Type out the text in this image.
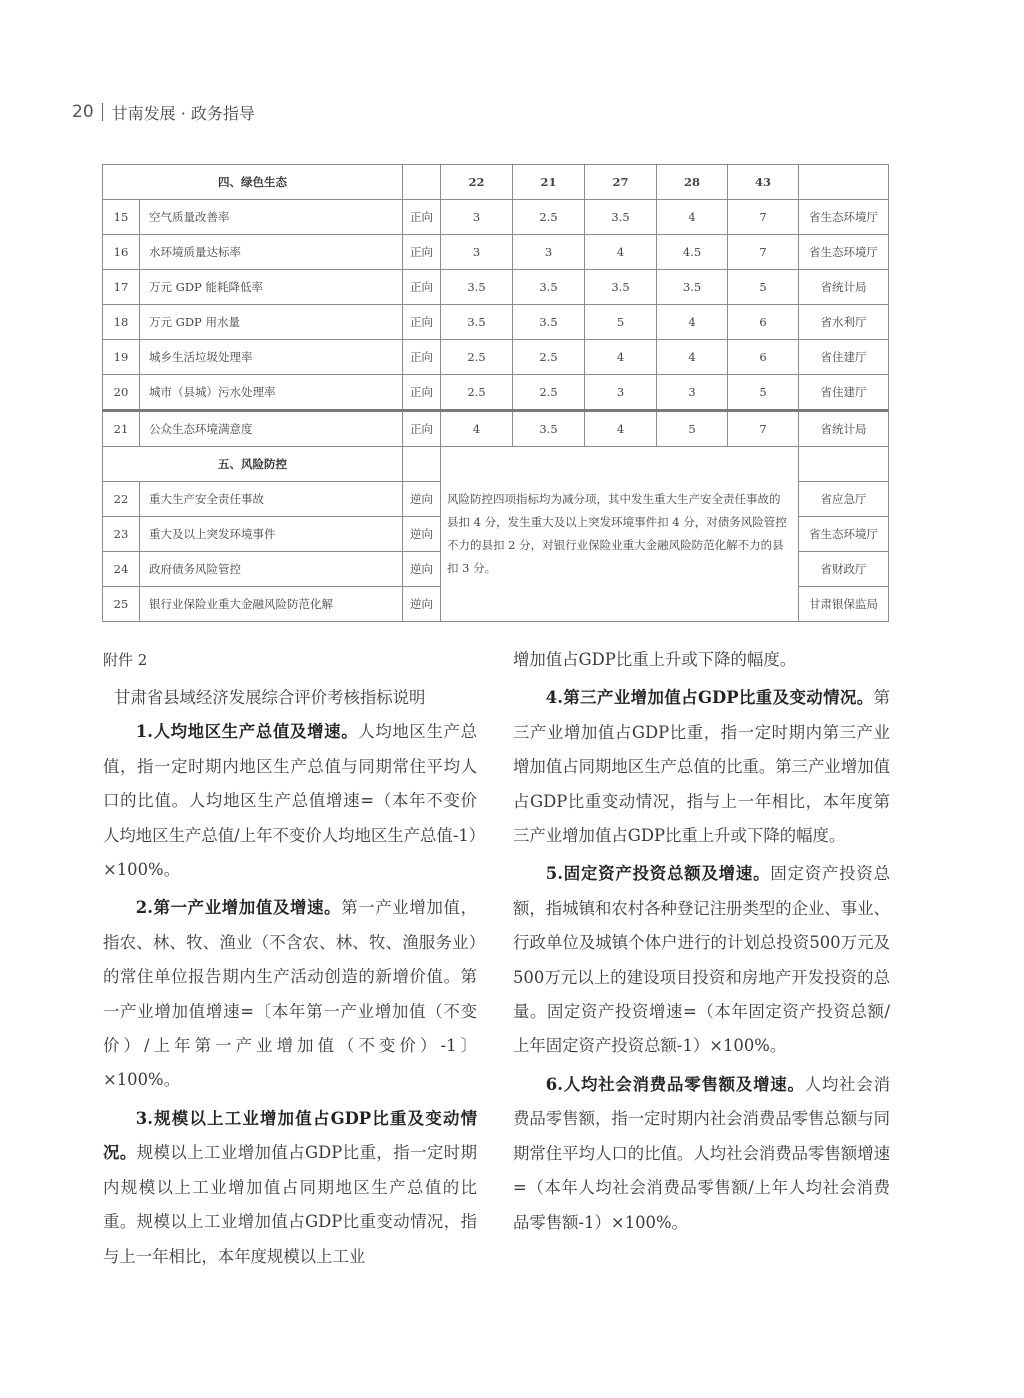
20 甘南发展 · 政务指导
四、绿色生态			22	21	27	28	43	
15	空气质量改善率	正向	3	2.5	3.5	4	7	省生态环境厅
16	水环境质量达标率	正向	3	3	4	4.5	7	省生态环境厅
17	万元 GDP 能耗降低率	正向	3.5	3.5	3.5	3.5	5	省统计局
18	万元 GDP 用水量	正向	3.5	3.5	5	4	6	省水利厅
19	城乡生活垃圾处理率	正向	2.5	2.5	4	4	6	省住建厅
20	城市（县城）污水处理率	正向	2.5	2.5	3	3	5	省住建厅
21	公众生态环境满意度	正向	4	3.5	4	5	7	省统计局
五、风险防控			风险防控四项指标均为减分项，其中发生重大生产安全责任事故的县扣 4 分，发生重大及以上突发环境事件扣 4 分，对债务风险管控不力的县扣 2 分，对银行业保险业重大金融风险防范化解不力的县扣 3 分。					
22	重大生产安全责任事故	逆向						省应急厅
23	重大及以上突发环境事件	逆向						省生态环境厅
24	政府债务风险管控	逆向						省财政厅
25	银行业保险业重大金融风险防范化解	逆向						甘肃银保监局

附件 2

甘肃省县域经济发展综合评价考核指标说明

1.人均地区生产总值及增速。人均地区生产总值，指一定时期内地区生产总值与同期常住平均人口的比值。人均地区生产总值增速=（本年不变价人均地区生产总值/上年不变价人均地区生产总值-1）×100%。

2.第一产业增加值及增速。第一产业增加值，指农、林、牧、渔业（不含农、林、牧、渔服务业）的常住单位报告期内生产活动创造的新增价值。第一产业增加值增速=〔本年第一产业增加值（不变价）/上年第一产业增加值（不变价）-1〕×100%。

3.规模以上工业增加值占GDP比重及变动情况。规模以上工业增加值占GDP比重，指一定时期内规模以上工业增加值占同期地区生产总值的比重。规模以上工业增加值占GDP比重变动情况，指与上一年相比，本年度规模以上工业

增加值占GDP比重上升或下降的幅度。

4.第三产业增加值占GDP比重及变动情况。第三产业增加值占GDP比重，指一定时期内第三产业增加值占同期地区生产总值的比重。第三产业增加值占GDP比重变动情况，指与上一年相比，本年度第三产业增加值占GDP比重上升或下降的幅度。

5.固定资产投资总额及增速。固定资产投资总额，指城镇和农村各种登记注册类型的企业、事业、行政单位及城镇个体户进行的计划总投资500万元及500万元以上的建设项目投资和房地产开发投资的总量。固定资产投资增速=（本年固定资产投资总额/上年固定资产投资总额-1）×100%。

6.人均社会消费品零售额及增速。人均社会消费品零售额，指一定时期内社会消费品零售总额与同期常住平均人口的比值。人均社会消费品零售额增速=（本年人均社会消费品零售额/上年人均社会消费品零售额-1）×100%。
